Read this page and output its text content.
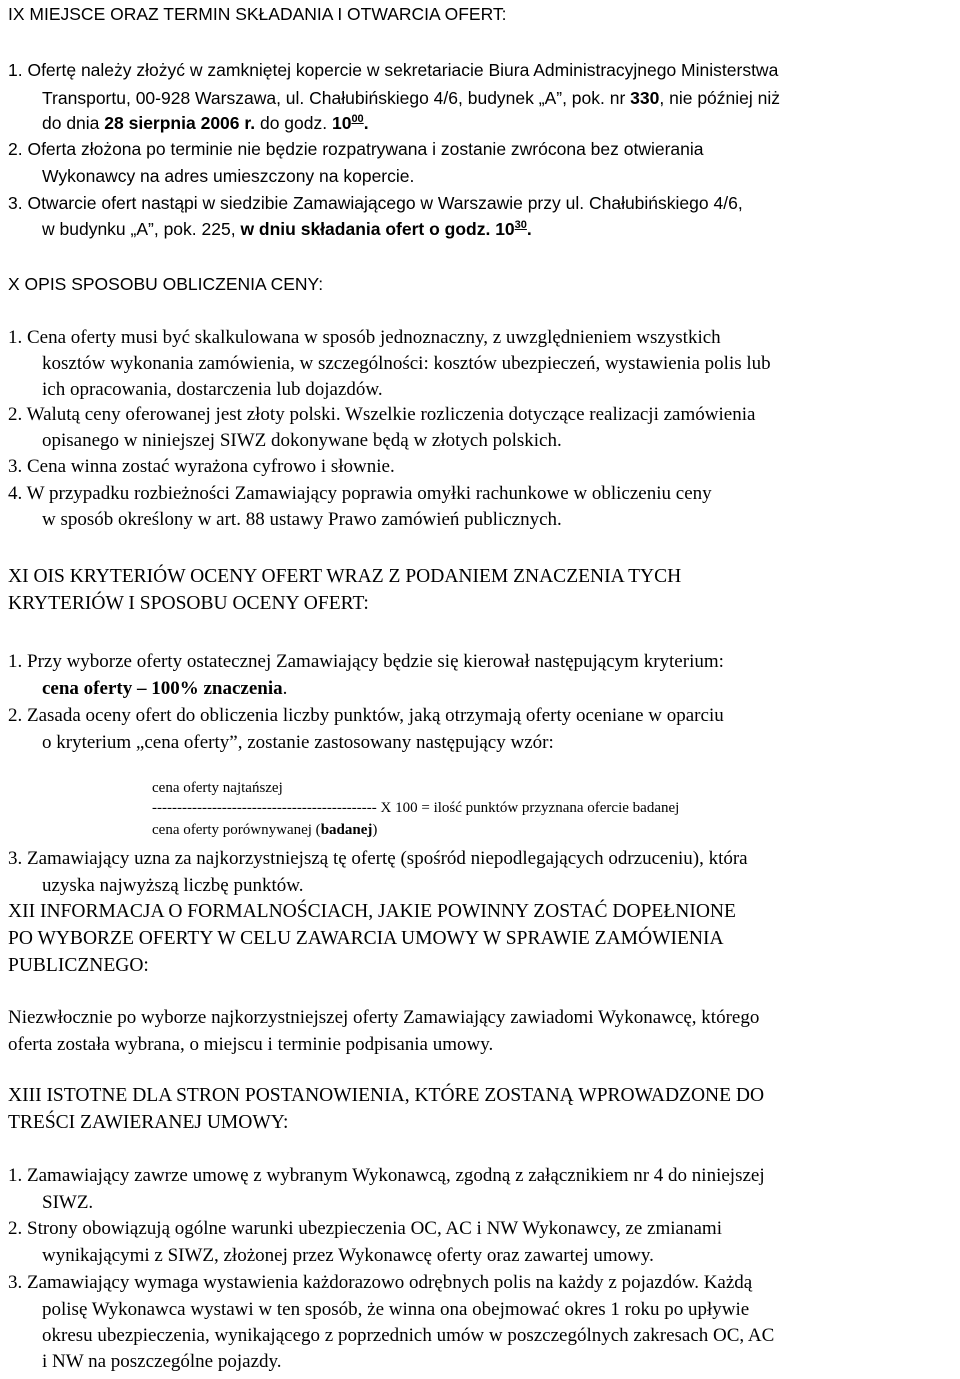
IX MIEJSCE ORAZ TERMIN SKŁADANIA I OTWARCIA OFERT:
1. Ofertę należy złożyć w zamkniętej kopercie w sekretariacie Biura Administracyjnego Ministerstwa
Transportu, 00-928 Warszawa, ul. Chałubińskiego 4/6, budynek „A”, pok. nr 330, nie później niż
do dnia 28 sierpnia 2006 r. do godz. $10^{00}$.
2. Oferta złożona po terminie nie będzie rozpatrywana i zostanie zwrócona bez otwierania
Wykonawcy na adres umieszczony na kopercie.
3. Otwarcie ofert nastąpi w siedzibie Zamawiającego w Warszawie przy ul. Chałubińskiego 4/6,
w budynku „A”, pok. 225, w dniu składania ofert o godz. $10^{30}$.
X OPIS SPOSOBU OBLICZENIA CENY:
1. Cena oferty musi być skalkulowana w sposób jednoznaczny, z uwzględnieniem wszystkich
kosztów wykonania zamówienia, w szczególności: kosztów ubezpieczeń, wystawienia polis lub
ich opracowania, dostarczenia lub dojazdów.
2. Walutą ceny oferowanej jest złoty polski. Wszelkie rozliczenia dotyczące realizacji zamówienia
opisanego w niniejszej SIWZ dokonywane będą w złotych polskich.
3. Cena winna zostać wyrażona cyfrowo i słownie.
4. W przypadku rozbieżności Zamawiający poprawia omyłki rachunkowe w obliczeniu ceny
w sposób określony w art. 88 ustawy Prawo zamówień publicznych.
XI OIS KRYTERIÓW OCENY OFERT WRAZ Z PODANIEM ZNACZENIA TYCH
KRYTERIÓW I SPOSOBU OCENY OFERT:
1. Przy wyborze oferty ostatecznej Zamawiający będzie się kierował następującym kryterium:
cena oferty – 100% znaczenia.
2. Zasada oceny ofert do obliczenia liczby punktów, jaką otrzymają oferty oceniane w oparciu
o kryterium „cena oferty”, zostanie zastosowany następujący wzór:
cena oferty najtańszej
--------------------------------------------- X 100 = ilość punktów przyznana ofercie badanej
cena oferty porównywanej (badanej)
3. Zamawiający uzna za najkorzystniejszą tę ofertę (spośród niepodlegających odrzuceniu), która
uzyska najwyższą liczbę punktów.
XII INFORMACJA O FORMALNOŚCIACH, JAKIE POWINNY ZOSTAĆ DOPEŁNIONE
PO WYBORZE OFERTY W CELU ZAWARCIA UMOWY W SPRAWIE ZAMÓWIENIA
PUBLICZNEGO:
Niezwłocznie po wyborze najkorzystniejszej oferty Zamawiający zawiadomi Wykonawcę, którego
oferta została wybrana, o miejscu i terminie podpisania umowy.
XIII ISTOTNE DLA STRON POSTANOWIENIA, KTÓRE ZOSTANĄ WPROWADZONE DO
TREŚCI ZAWIERANEJ UMOWY:
1. Zamawiający zawrze umowę z wybranym Wykonawcą, zgodną z załącznikiem nr 4 do niniejszej
SIWZ.
2. Strony obowiązują ogólne warunki ubezpieczenia OC, AC i NW Wykonawcy, ze zmianami
wynikającymi z SIWZ, złożonej przez Wykonawcę oferty oraz zawartej umowy.
3. Zamawiający wymaga wystawienia każdorazowo odrębnych polis na każdy z pojazdów. Każdą
polisę Wykonawca wystawi w ten sposób, że winna ona obejmować okres 1 roku po upływie
okresu ubezpieczenia, wynikającego z poprzednich umów w poszczególnych zakresach OC, AC
i NW na poszczególne pojazdy.
